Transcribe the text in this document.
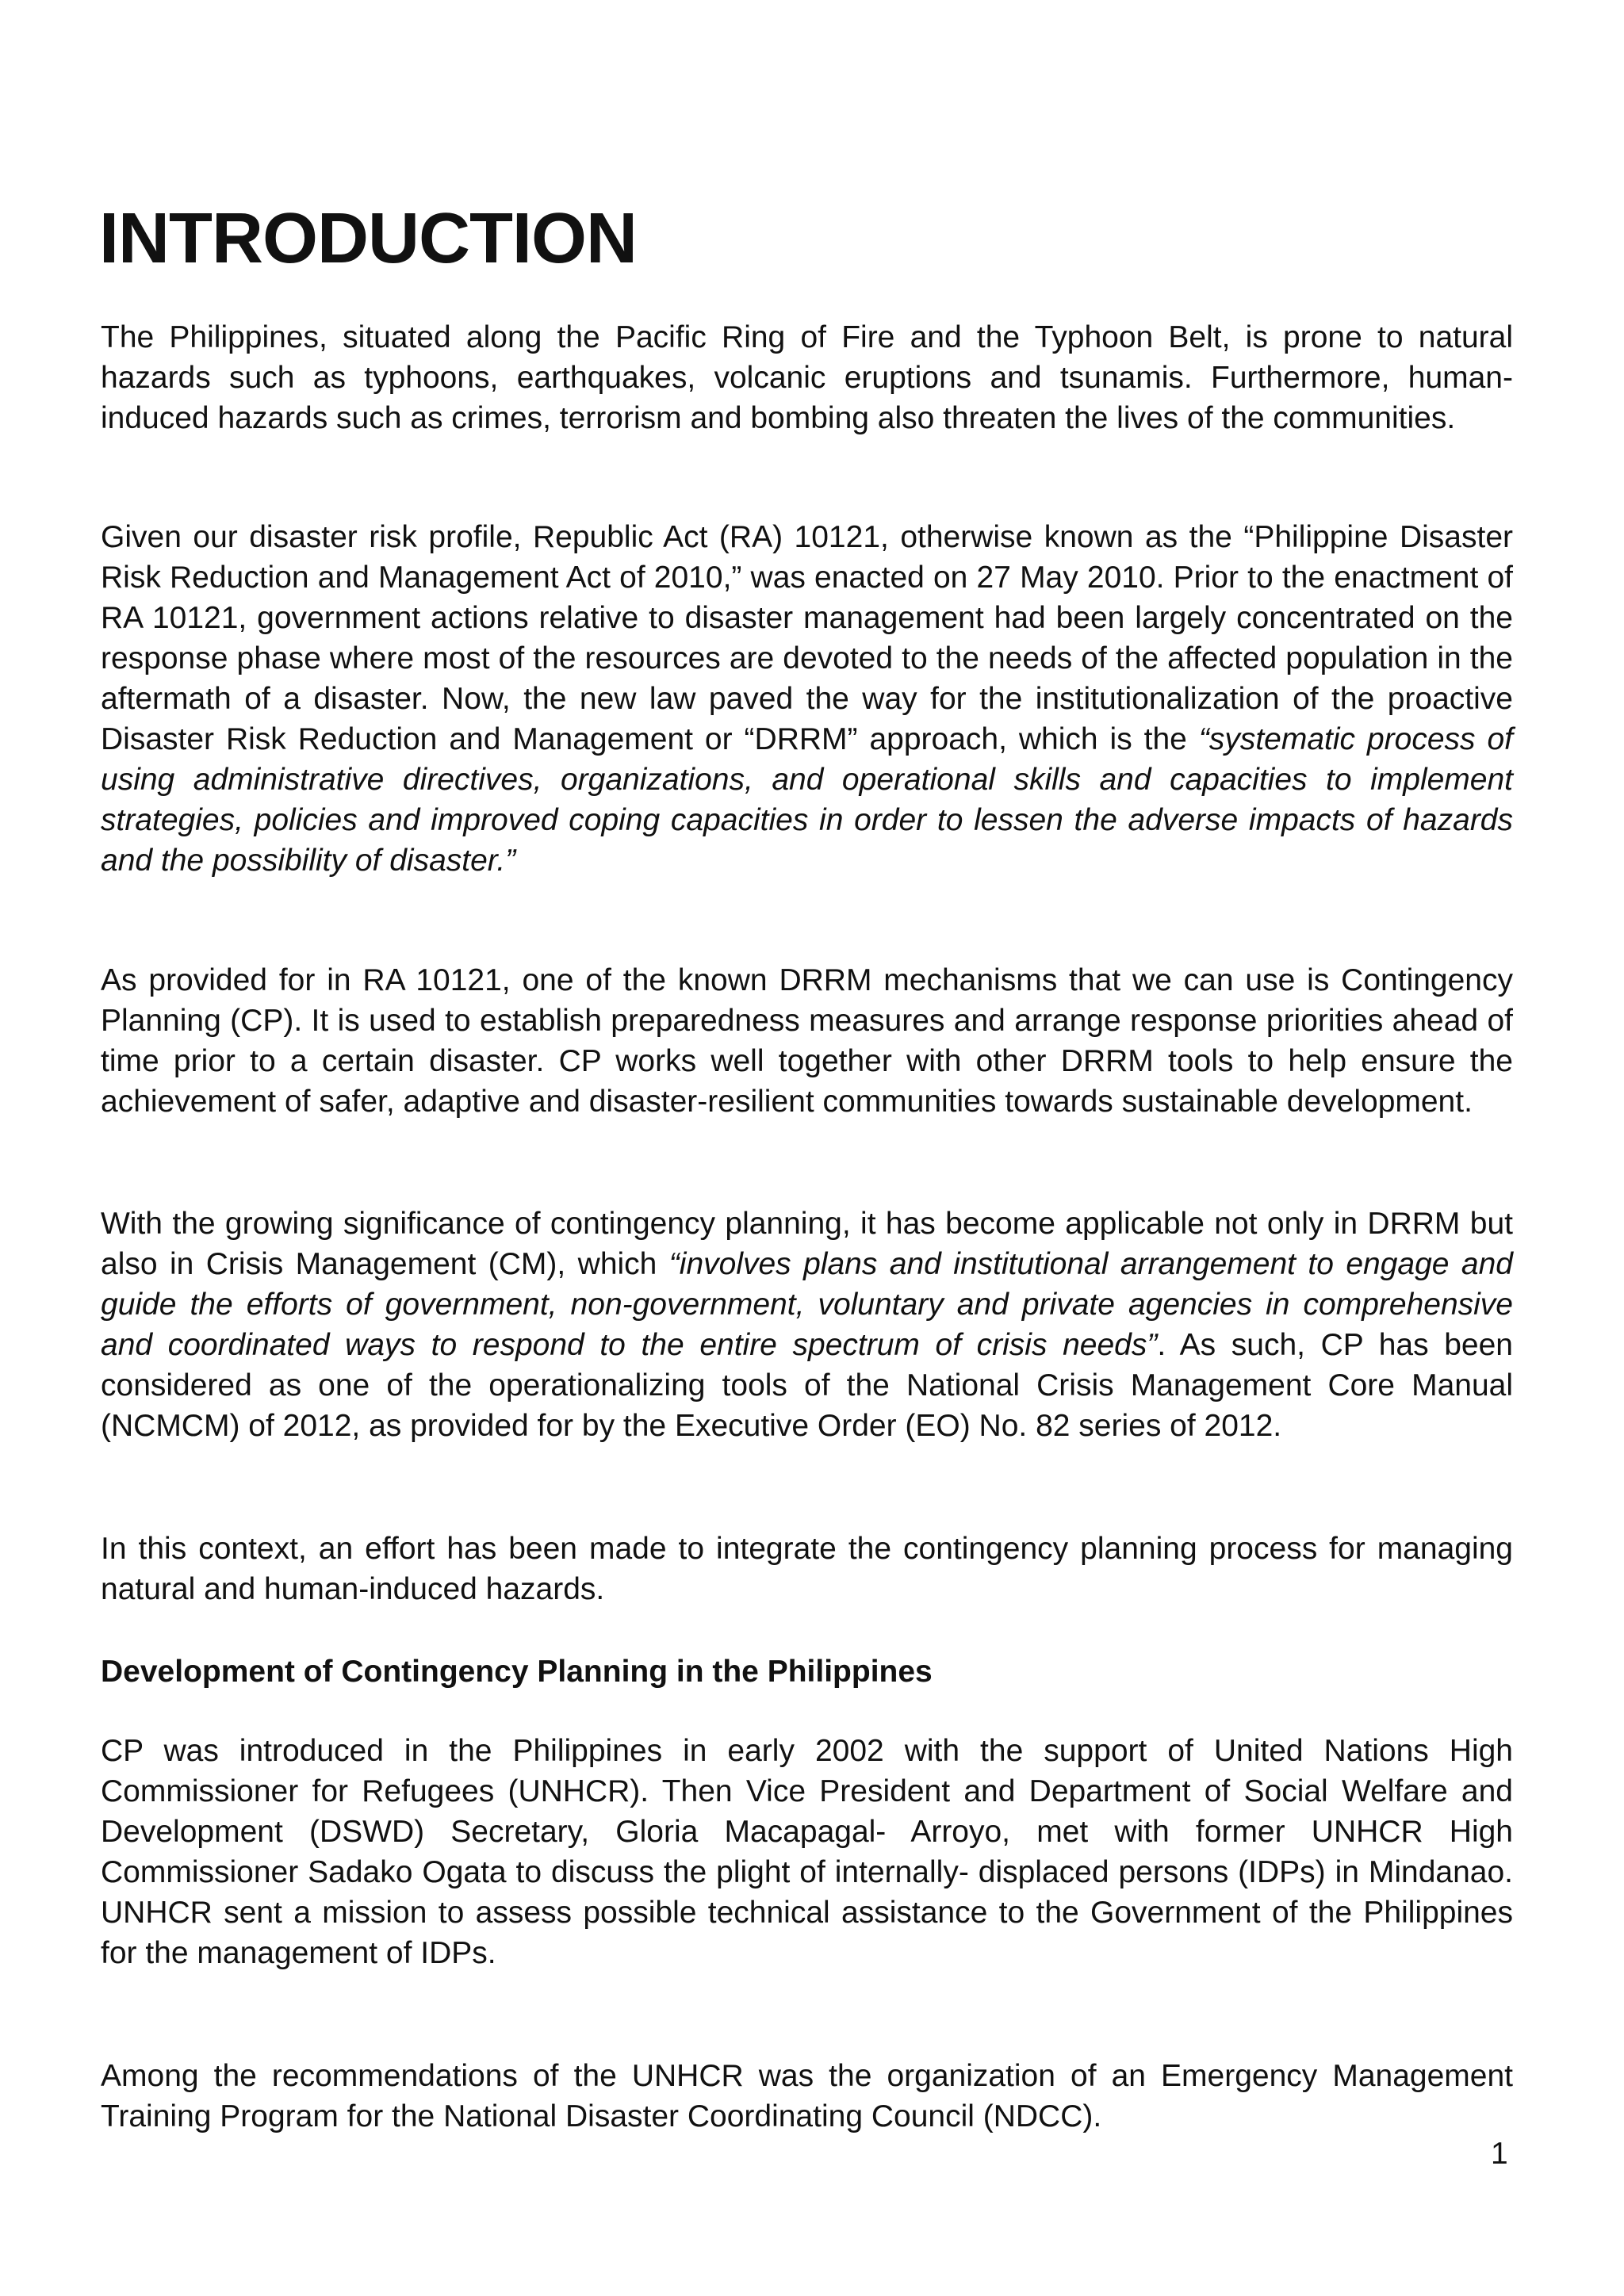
INTRODUCTION

The Philippines, situated along the Pacific Ring of Fire and the Typhoon Belt, is prone to natural hazards such as typhoons, earthquakes, volcanic eruptions and tsunamis. Furthermore, human-induced hazards such as crimes, terrorism and bombing also threaten the lives of the communities.

Given our disaster risk profile, Republic Act (RA) 10121, otherwise known as the “Philippine Disaster Risk Reduction and Management Act of 2010,” was enacted on 27 May 2010. Prior to the enactment of RA 10121, government actions relative to disaster management had been largely concentrated on the response phase where most of the resources are devoted to the needs of the affected population in the aftermath of a disaster. Now, the new law paved the way for the institutionalization of the proactive Disaster Risk Reduction and Management or “DRRM” approach, which is the “systematic process of using administrative directives, organizations, and operational skills and capacities to implement strategies, policies and improved coping capacities in order to lessen the adverse impacts of hazards and the possibility of disaster.”

As provided for in RA 10121, one of the known DRRM mechanisms that we can use is Contingency Planning (CP). It is used to establish preparedness measures and arrange response priorities ahead of time prior to a certain disaster. CP works well together with other DRRM tools to help ensure the achievement of safer, adaptive and disaster-resilient communities towards sustainable development.

With the growing significance of contingency planning, it has become applicable not only in DRRM but also in Crisis Management (CM), which “involves plans and institutional arrangement to engage and guide the efforts of government, non-government, voluntary and private agencies in comprehensive and coordinated ways to respond to the entire spectrum of crisis needs”. As such, CP has been considered as one of the operationalizing tools of the National Crisis Management Core Manual (NCMCM) of 2012, as provided for by the Executive Order (EO) No. 82 series of 2012.

In this context, an effort has been made to integrate the contingency planning process for managing natural and human-induced hazards.

Development of Contingency Planning in the Philippines

CP was introduced in the Philippines in early 2002 with the support of United Nations High Commissioner for Refugees (UNHCR). Then Vice President and Department of Social Welfare and Development (DSWD) Secretary, Gloria Macapagal- Arroyo, met with former UNHCR High Commissioner Sadako Ogata to discuss the plight of internally- displaced persons (IDPs) in Mindanao. UNHCR sent a mission to assess possible technical assistance to the Government of the Philippines for the management of IDPs.

Among the recommendations of the UNHCR was the organization of an Emergency Management Training Program for the National Disaster Coordinating Council (NDCC).

1
